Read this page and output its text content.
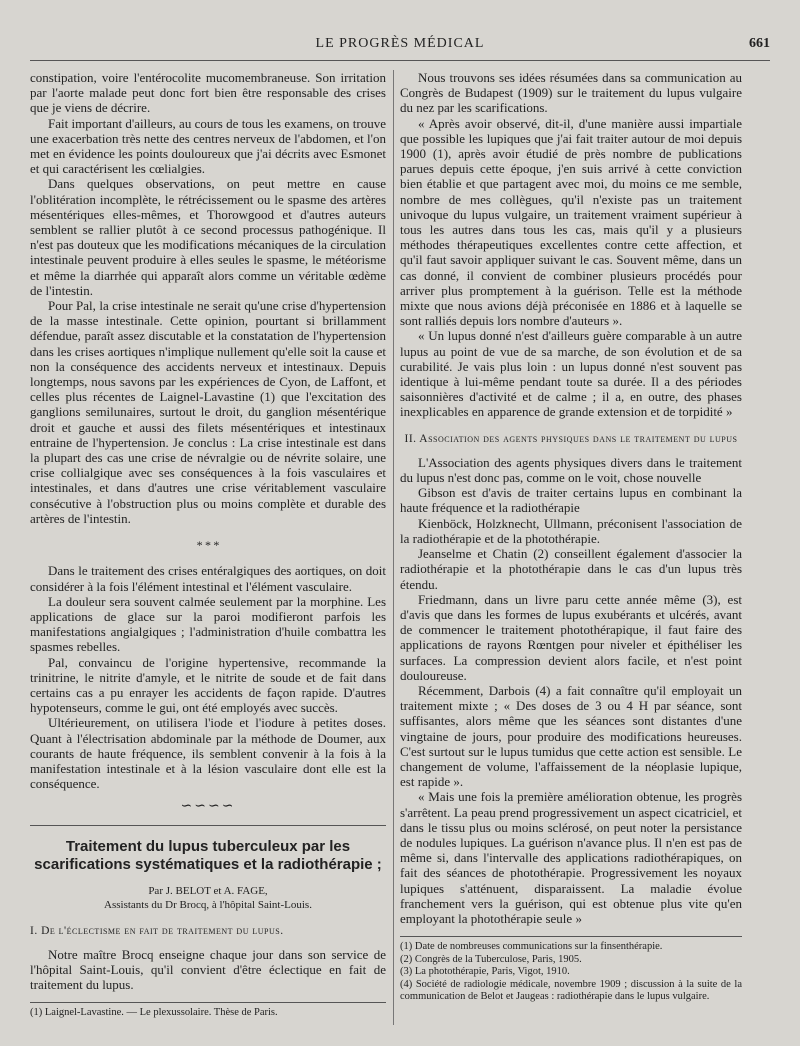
LE PROGRÈS MÉDICAL	661

constipation, voire l'entérocolite mucomembraneuse. Son irritation par l'aorte malade peut donc fort bien être responsable des crises que je viens de décrire.

Fait important d'ailleurs, au cours de tous les examens, on trouve une exacerbation très nette des centres nerveux de l'abdomen, et l'on met en évidence les points douloureux que j'ai décrits avec Esmonet et qui caractérisent les cœlialgies.

Dans quelques observations, on peut mettre en cause l'oblitération incomplète, le rétrécissement ou le spasme des artères mésentériques elles-mêmes, et Thorowgood et d'autres auteurs semblent se rallier plutôt à ce second processus pathogénique. Il n'est pas douteux que les modifications mécaniques de la circulation intestinale peuvent produire à elles seules le spasme, le météorisme et même la diarrhée qui apparaît alors comme un véritable œdème de l'intestin.

Pour Pal, la crise intestinale ne serait qu'une crise d'hypertension de la masse intestinale. Cette opinion, pourtant si brillamment défendue, paraît assez discutable et la constatation de l'hypertension dans les crises aortiques n'implique nullement qu'elle soit la cause et non la conséquence des accidents nerveux et intestinaux. Depuis longtemps, nous savons par les expériences de Cyon, de Laffont, et celles plus récentes de Laignel-Lavastine (1) que l'excitation des ganglions semilunaires, surtout le droit, du ganglion mésentérique droit et gauche et aussi des filets mésentériques et intestinaux entraine de l'hypertension. Je conclus : La crise intestinale est dans la plupart des cas une crise de névralgie ou de névrite solaire, une crise collialgique avec ses conséquences à la fois vasculaires et intestinales, et dans d'autres une crise véritablement vasculaire consécutive à l'obstruction plus ou moins complète et durable des artères de l'intestin.

* * *

Dans le traitement des crises entéralgiques des aortiques, on doit considérer à la fois l'élément intestinal et l'élément vasculaire.

La douleur sera souvent calmée seulement par la morphine. Les applications de glace sur la paroi modifieront parfois les manifestations angialgiques ; l'administration d'huile combattra les spasmes rebelles.

Pal, convaincu de l'origine hypertensive, recommande la trinitrine, le nitrite d'amyle, et le nitrite de soude et de fait dans certains cas a pu enrayer les accidents de façon rapide. D'autres hypotenseurs, comme le gui, ont été employés avec succès.

Ultérieurement, on utilisera l'iode et l'iodure à petites doses. Quant à l'électrisation abdominale par la méthode de Doumer, aux courants de haute fréquence, ils semblent convenir à la fois à la manifestation intestinale et à la lésion vasculaire dont elle est la conséquence.

∽∽∽∽
Traitement du lupus tuberculeux par les scarifications systématiques et la radiothérapie ;
Par J. BELOT et A. FAGE,
Assistants du Dr Brocq, à l'hôpital Saint-Louis.
I. De l'éclectisme en fait de traitement du lupus.

Notre maître Brocq enseigne chaque jour dans son service de l'hôpital Saint-Louis, qu'il convient d'être éclectique en fait de traitement du lupus.

(1) Laignel-Lavastine. — Le plexussolaire. Thèse de Paris.

Nous trouvons ses idées résumées dans sa communication au Congrès de Budapest (1909) sur le traitement du lupus vulgaire du nez par les scarifications.

« Après avoir observé, dit-il, d'une manière aussi impartiale que possible les lupiques que j'ai fait traiter autour de moi depuis 1900 (1), après avoir étudié de près nombre de publications parues depuis cette époque, j'en suis arrivé à cette conviction bien établie et que partagent avec moi, du moins ce me semble, nombre de mes collègues, qu'il n'existe pas un traitement univoque du lupus vulgaire, un traitement vraiment supérieur à tous les autres dans tous les cas, mais qu'il y a plusieurs méthodes thérapeutiques excellentes contre cette affection, et qu'il faut savoir appliquer suivant le cas. Souvent même, dans un cas donné, il convient de combiner plusieurs procédés pour arriver plus promptement à la guérison. Telle est la méthode mixte que nous avions déjà préconisée en 1886 et à laquelle se sont ralliés depuis lors nombre d'auteurs ».

« Un lupus donné n'est d'ailleurs guère comparable à un autre lupus au point de vue de sa marche, de son évolution et de sa curabilité. Je vais plus loin : un lupus donné n'est souvent pas identique à lui-même pendant toute sa durée. Il a des périodes saisonnières d'activité et de calme ; il a, en outre, des phases inexplicables en apparence de grande extension et de torpidité »

II. Association des agents physiques dans le traitement du lupus

L'Association des agents physiques divers dans le traitement du lupus n'est donc pas, comme on le voit, chose nouvelle

Gibson est d'avis de traiter certains lupus en combinant la haute fréquence et la radiothérapie

Kienböck, Holzknecht, Ullmann, préconisent l'association de la radiothérapie et de la photothérapie.

Jeanselme et Chatin (2) conseillent également d'associer la radiothérapie et la photothérapie dans le cas d'un lupus très étendu.

Friedmann, dans un livre paru cette année même (3), est d'avis que dans les formes de lupus exubérants et ulcérés, avant de commencer le traitement photothérapique, il faut faire des applications de rayons Rœntgen pour niveler et épithéliser les surfaces. La compression devient alors facile, et n'est point douloureuse.

Récemment, Darbois (4) a fait connaître qu'il employait un traitement mixte ; « Des doses de 3 ou 4 H par séance, sont suffisantes, alors même que les séances sont distantes d'une vingtaine de jours, pour produire des modifications heureuses. C'est surtout sur le lupus tumidus que cette action est sensible. Le changement de volume, l'affaissement de la néoplasie lupique, est rapide ».

« Mais une fois la première amélioration obtenue, les progrès s'arrêtent. La peau prend progressivement un aspect cicatriciel, et dans le tissu plus ou moins sclérosé, on peut noter la persistance de nodules lupiques. La guérison n'avance plus. Il n'en est pas de même si, dans l'intervalle des applications radiothérapiques, on fait des séances de photothérapie. Progressivement les noyaux lupiques s'atténuent, disparaissent. La maladie évolue franchement vers la guérison, qui est obtenue plus vite qu'en employant la photothérapie seule »

(1) Date de nombreuses communications sur la finsenthérapie.

(2) Congrès de la Tuberculose, Paris, 1905.

(3) La photothérapie, Paris, Vigot, 1910.

(4) Société de radiologie médicale, novembre 1909 ; discussion à la suite de la communication de Belot et Jaugeas : radiothérapie dans le lupus vulgaire.
